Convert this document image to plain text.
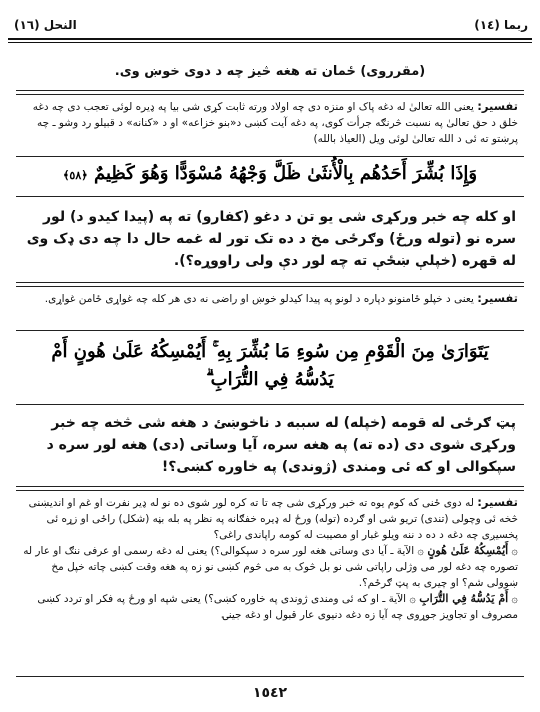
ربما (١٤)
النحل (١٦)
(مقرروی) ځمان ته هغه څیز چه د دوی خوښ وی.
تفسیر: یعنی الله تعالیٰ له دغه پاک او منزه دی چه اولاد ورته ثابت کړی شی بیا په ډیره لوئی تعجب دی چه دغه خلق د حق تعالیٰ په نسبت څرنګه جرأت کوی، په دغه آیت کښی د«بنو خزاعه» او د «کنانه» د قبیلو رد وشو ـ چه پرښتو ته ئی د الله تعالیٰ لوئی ویل (العیاذ بالله)
وَإِذَا بُشِّرَ أَحَدُهُم بِالْأُنثَىٰ ظَلَّ وَجْهُهُ مُسْوَدًّا وَهُوَ كَظِيمٌ ﴿٥٨﴾
او کله چه خبر ورکړی شی یو تن د دغو (کفارو) ته په (پیدا کیدو د) لور سره نو (توله ورځ) وګرځی مخ د ده تک تور له غمه حال دا چه دی ډک وی له قهره (خپلې ښځې ته چه لور دې ولی راووړه؟).
تفسیر: یعنی د خپلو ځامنونو دپاره د لونو په پیدا کیدلو خوښ او راضی نه دی هر کله چه غواړی ځامن غواړی.
يَتَوَارَىٰ مِنَ الْقَوْمِ مِن سُوءِ مَا بُشِّرَ بِهِ ۚ أَيُمْسِكُهُ عَلَىٰ هُونٍ أَمْ
يَدُسُّهُ فِي التُّرَابِ ۗ
پټ ګرځی له قومه (خپله) له سببه د ناخوښئ د هغه شی څخه چه خبر ورکړی شوی دی (ده ته) په هغه سره، آیا وساتی (دی) هغه لور سره د سپکوالی او که ئی ومندی (ژوندی) په خاوره کښی؟!
تفسیر: له دوی ځنی که کوم یوه ته خبر ورکړی شی چه تا ته کره لور شوی ده نو له ډیر نفرت او غم او اندیښنی څخه ئی وچولی (تندی) تریو شی او ګرده (توله) ورځ له ډیره خفګانه په نظر په بله بڼه (شکل) راځی او زړه ئی پخسیږی چه دغه د ده د ننه ویلو غبار او مصیبت له کومه راپاندی راغی؟
۞ أَيُمْسِكُهُ عَلَىٰ هُونٍ ۞ الآیة ـ آیا دی وساتی هغه لور سره د سپکوالی؟) یعنی له دغه رسمی او عرفی ننګ او عار له تصوره چه دغه لور می وژلی راپاتی شی نو بل څوک به می څوم کښی نو زه په هغه وقت کښی چاته خپل مخ ښوولی شم؟ او چیری به پټ ګرځم؟.
۞ أَمْ يَدُسُّهُ فِي التُّرَابِ ۞ الآیة ـ او که ئی ومندی ژوندی په خاوره کښی؟) یعنی شپه او ورځ په فکر او تردد کښی مصروف او تجاویز جوړوی چه آیا زه دغه دنیوی عار قبول او دغه جینۍ
١٥٤٢
